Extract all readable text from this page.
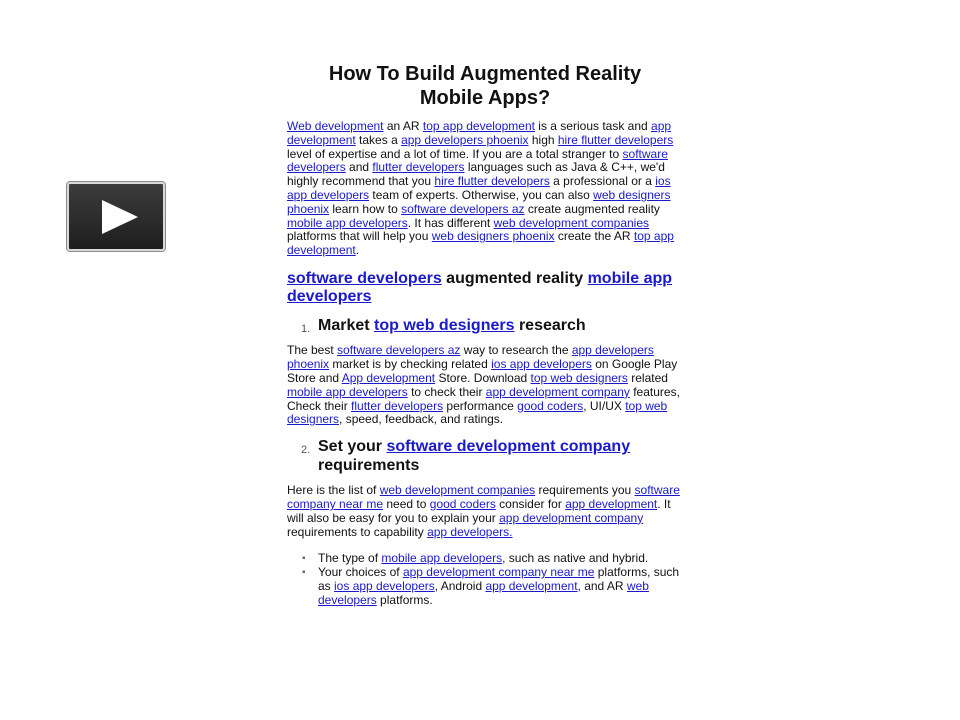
How To Build Augmented Reality
Mobile Apps?

Web development an AR top app development is a serious task and app development takes a app developers phoenix high hire flutter developers level of expertise and a lot of time. If you are a total stranger to software developers and flutter developers languages such as Java & C++, we'd highly recommend that you hire flutter developers a professional or a ios app developers team of experts. Otherwise, you can also web designers phoenix learn how to software developers az create augmented reality mobile app developers. It has different web development companies platforms that will help you web designers phoenix create the AR top app development.

software developers augmented reality mobile app developers
1. Market top web designers research

The best software developers az way to research the app developers phoenix market is by checking related ios app developers on Google Play Store and App development Store. Download top web designers related mobile app developers to check their app development company features, Check their flutter developers performance good coders, UI/UX top web designers, speed, feedback, and ratings.

2. Set your software development company requirements

Here is the list of web development companies requirements you software company near me need to good coders consider for app development. It will also be easy for you to explain your app development company requirements to capability app developers.

▪ The type of mobile app developers, such as native and hybrid.
▪ Your choices of app development company near me platforms, such as ios app developers, Android app development, and AR web developers platforms.
